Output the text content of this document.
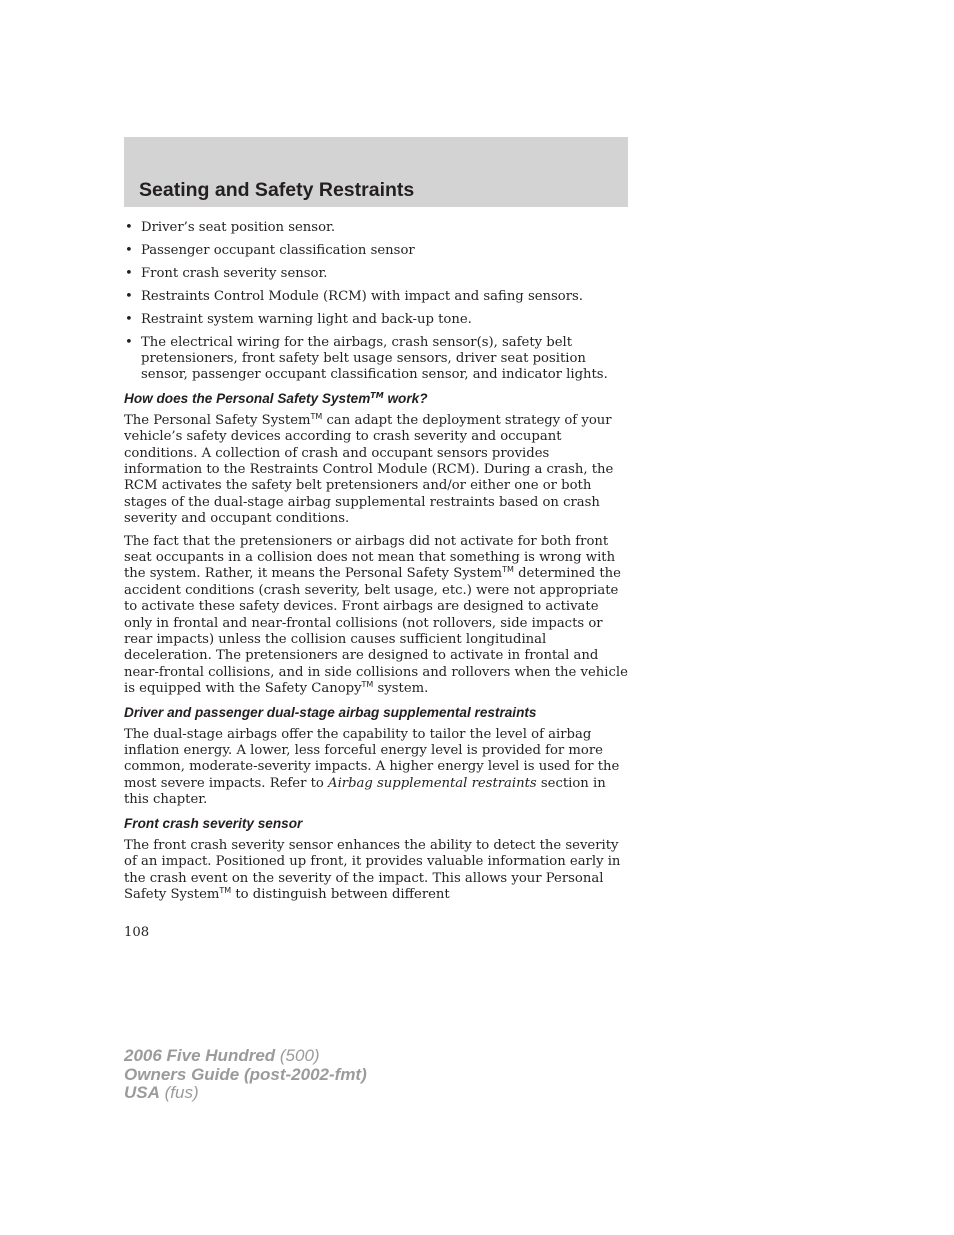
Seating and Safety Restraints
• Driver’s seat position sensor.
• Passenger occupant classification sensor
• Front crash severity sensor.
• Restraints Control Module (RCM) with impact and safing sensors.
• Restraint system warning light and back-up tone.
• The electrical wiring for the airbags, crash sensor(s), safety belt pretensioners, front safety belt usage sensors, driver seat position sensor, passenger occupant classification sensor, and indicator lights.
How does the Personal Safety System™ work?

The Personal Safety System™ can adapt the deployment strategy of your vehicle’s safety devices according to crash severity and occupant conditions. A collection of crash and occupant sensors provides information to the Restraints Control Module (RCM). During a crash, the RCM activates the safety belt pretensioners and/or either one or both stages of the dual-stage airbag supplemental restraints based on crash severity and occupant conditions.

The fact that the pretensioners or airbags did not activate for both front seat occupants in a collision does not mean that something is wrong with the system. Rather, it means the Personal Safety System™ determined the accident conditions (crash severity, belt usage, etc.) were not appropriate to activate these safety devices. Front airbags are designed to activate only in frontal and near-frontal collisions (not rollovers, side impacts or rear impacts) unless the collision causes sufficient longitudinal deceleration. The pretensioners are designed to activate in frontal and near-frontal collisions, and in side collisions and rollovers when the vehicle is equipped with the Safety Canopy™ system.

Driver and passenger dual-stage airbag supplemental restraints

The dual-stage airbags offer the capability to tailor the level of airbag inflation energy. A lower, less forceful energy level is provided for more common, moderate-severity impacts. A higher energy level is used for the most severe impacts. Refer to Airbag supplemental restraints section in this chapter.

Front crash severity sensor

The front crash severity sensor enhances the ability to detect the severity of an impact. Positioned up front, it provides valuable information early in the crash event on the severity of the impact. This allows your Personal Safety System™ to distinguish between different

108
2006 Five Hundred (500)
Owners Guide (post-2002-fmt)
USA (fus)
